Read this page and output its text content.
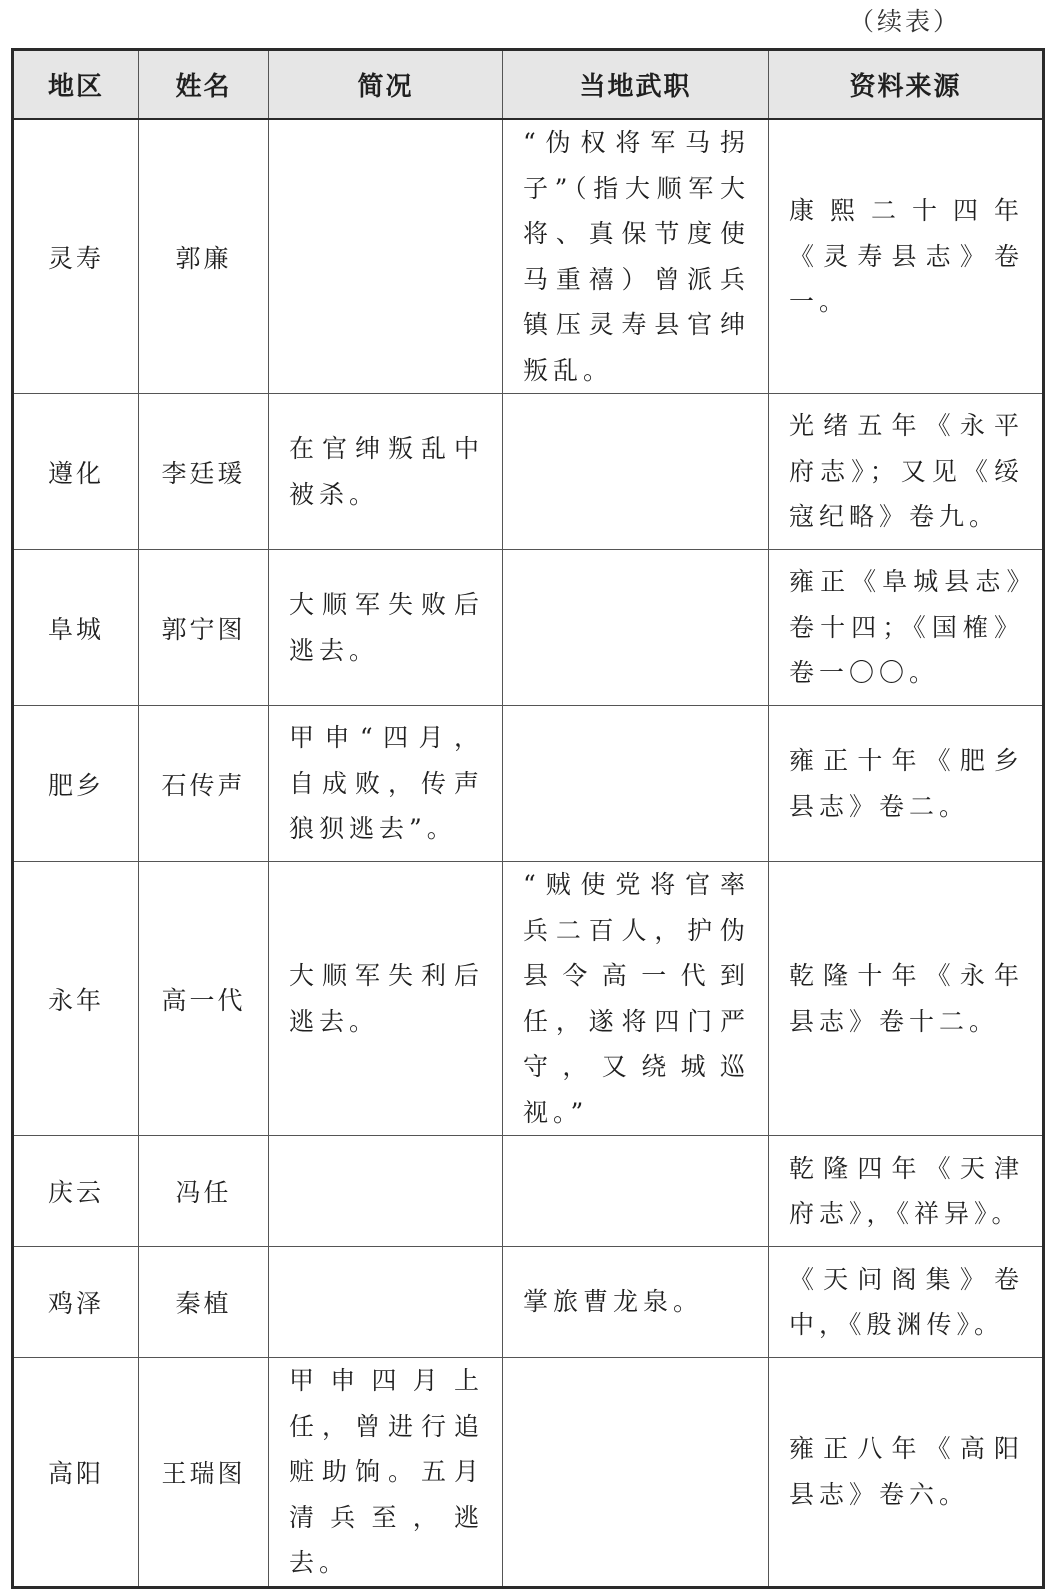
（续表）
地区	姓名	简况	当地武职	资料来源
灵寿	郭廉		“伪权将军马拐子”（指大顺军大将、真保节度使马重禧）曾派兵镇压灵寿县官绅叛乱。	康熙二十四年《灵寿县志》卷一。
遵化	李廷瑗	在官绅叛乱中被杀。		光绪五年《永平府志》；又见《绥寇纪略》卷九。
阜城	郭宁图	大顺军失败后逃去。		雍正《阜城县志》卷十四；《国榷》卷一〇〇。
肥乡	石传声	甲申“四月，自成败，传声狼狈逃去”。		雍正十年《肥乡县志》卷二。
永年	高一代	大顺军失利后逃去。	“贼使党将官率兵二百人，护伪县令高一代到任，遂将四门严守，又绕城巡视。”	乾隆十年《永年县志》卷十二。
庆云	冯任			乾隆四年《天津府志》，《祥异》。
鸡泽	秦植		掌旅曹龙泉。	《天问阁集》卷中，《殷渊传》。
高阳	王瑞图	甲申四月上任，曾进行追赃助饷。五月清兵至，逃去。		雍正八年《高阳县志》卷六。
